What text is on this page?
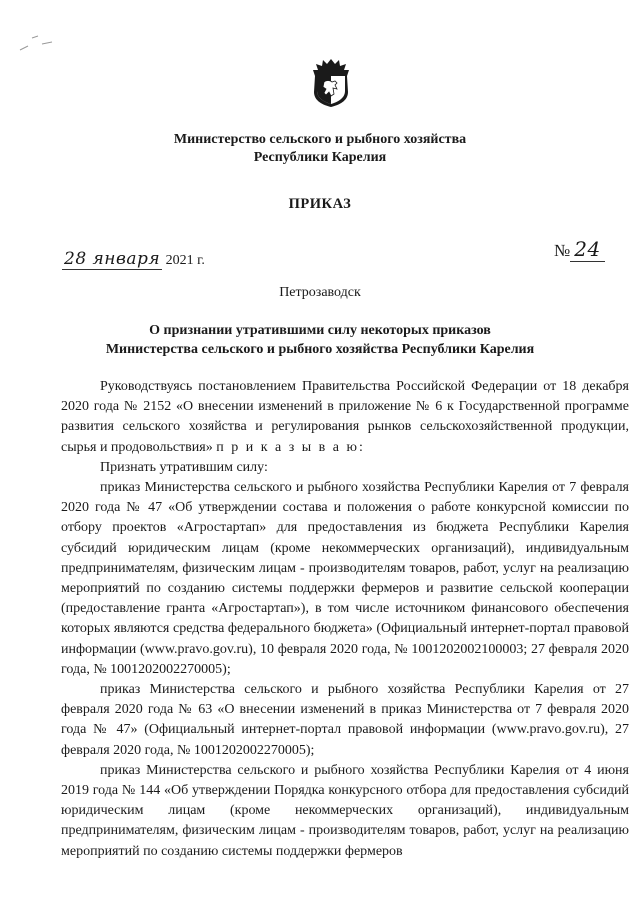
Министерство сельского и рыбного хозяйства
Республики Карелия
ПРИКАЗ
28 января 2021 г.
№ 24
Петрозаводск
О признании утратившими силу некоторых приказов
Министерства сельского и рыбного хозяйства Республики Карелия

Руководствуясь постановлением Правительства Российской Федерации от 18 декабря 2020 года № 2152 «О внесении изменений в приложение № 6 к Государственной программе развития сельского хозяйства и регулирования рынков сельскохозяйственной продукции, сырья и продовольствия» п р и к а з ы в а ю:

Признать утратившим силу:

приказ Министерства сельского и рыбного хозяйства Республики Карелия от 7 февраля 2020 года № 47 «Об утверждении состава и положения о работе конкурсной комиссии по отбору проектов «Агростартап» для предоставления из бюджета Республики Карелия субсидий юридическим лицам (кроме некоммерческих организаций), индивидуальным предпринимателям, физическим лицам - производителям товаров, работ, услуг на реализацию мероприятий по созданию системы поддержки фермеров и развитие сельской кооперации (предоставление гранта «Агростартап»), в том числе источником финансового обеспечения которых являются средства федерального бюджета» (Официальный интернет-портал правовой информации (www.pravo.gov.ru), 10 февраля 2020 года, № 1001202002100003; 27 февраля 2020 года, № 1001202002270005);

приказ Министерства сельского и рыбного хозяйства Республики Карелия от 27 февраля 2020 года № 63 «О внесении изменений в приказ Министерства от 7 февраля 2020 года № 47» (Официальный интернет-портал правовой информации (www.pravo.gov.ru), 27 февраля 2020 года, № 1001202002270005);

приказ Министерства сельского и рыбного хозяйства Республики Карелия от 4 июня 2019 года № 144 «Об утверждении Порядка конкурсного отбора для предоставления субсидий юридическим лицам (кроме некоммерческих организаций), индивидуальным предпринимателям, физическим лицам - производителям товаров, работ, услуг на реализацию мероприятий по созданию системы поддержки фермеров
